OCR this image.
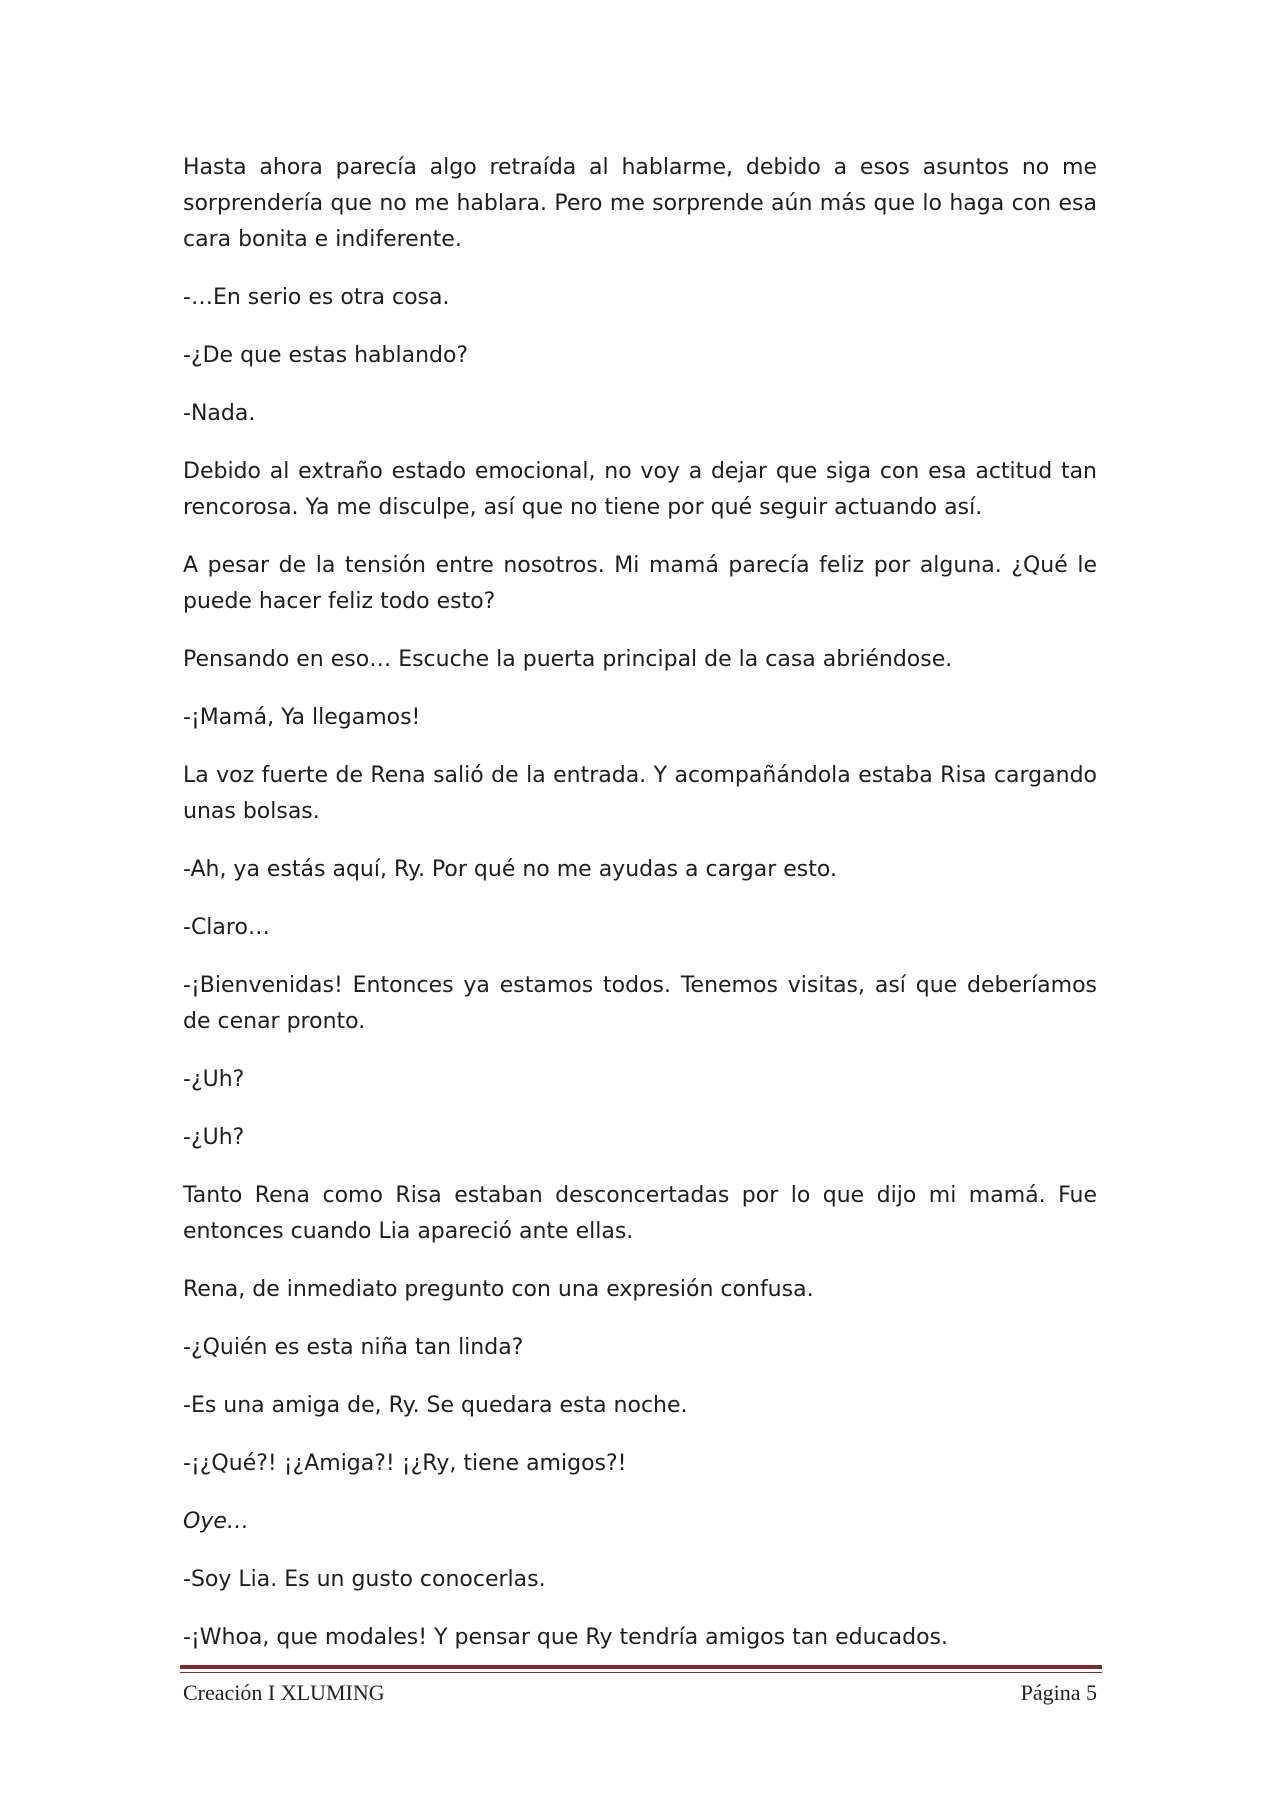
Hasta ahora parecía algo retraída al hablarme, debido a esos asuntos no me sorprendería que no me hablara. Pero me sorprende aún más que lo haga con esa cara bonita e indiferente.

-…En serio es otra cosa.

-¿De que estas hablando?

-Nada.

Debido al extraño estado emocional, no voy a dejar que siga con esa actitud tan rencorosa. Ya me disculpe, así que no tiene por qué seguir actuando así.

A pesar de la tensión entre nosotros. Mi mamá parecía feliz por alguna. ¿Qué le puede hacer feliz todo esto?

Pensando en eso… Escuche la puerta principal de la casa abriéndose.

-¡Mamá, Ya llegamos!

La voz fuerte de Rena salió de la entrada. Y acompañándola estaba Risa cargando unas bolsas.

-Ah, ya estás aquí, Ry. Por qué no me ayudas a cargar esto.

-Claro…

-¡Bienvenidas! Entonces ya estamos todos. Tenemos visitas, así que deberíamos de cenar pronto.

-¿Uh?

-¿Uh?

Tanto Rena como Risa estaban desconcertadas por lo que dijo mi mamá. Fue entonces cuando Lia apareció ante ellas.

Rena, de inmediato pregunto con una expresión confusa.

-¿Quién es esta niña tan linda?

-Es una amiga de, Ry. Se quedara esta noche.

-¡¿Qué?! ¡¿Amiga?! ¡¿Ry, tiene amigos?!

Oye…

-Soy Lia. Es un gusto conocerlas.

-¡Whoa, que modales! Y pensar que Ry tendría amigos tan educados.

Creación I XLUMING	Página 5
